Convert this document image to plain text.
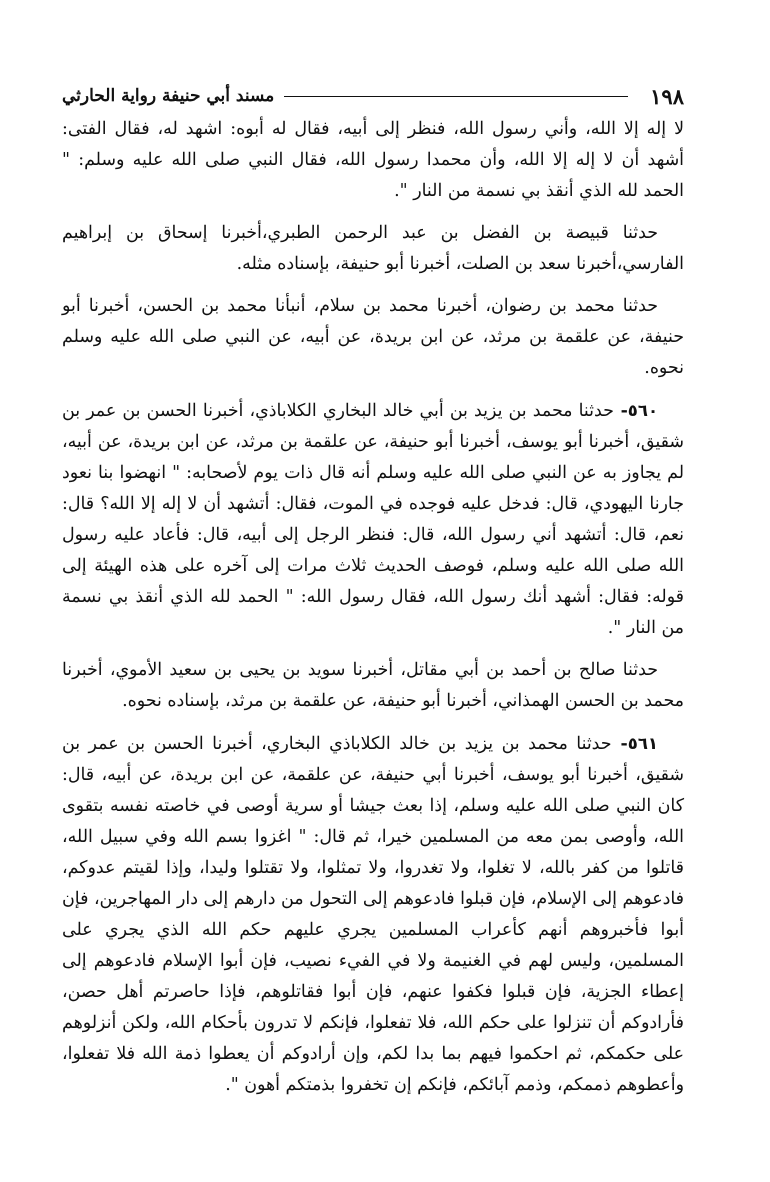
١٩٨
مسند أبي حنيفة رواية الحارثي

لا إله إلا الله، وأني رسول الله، فنظر إلى أبيه، فقال له أبوه: اشهد له، فقال الفتى: أشهد أن لا إله إلا الله، وأن محمدا رسول الله، فقال النبي صلى الله عليه وسلم: " الحمد لله الذي أنقذ بي نسمة من النار ".

حدثنا قبيصة بن الفضل بن عبد الرحمن الطبري،أخبرنا إسحاق بن إبراهيم الفارسي،أخبرنا سعد بن الصلت، أخبرنا أبو حنيفة، بإسناده مثله.

حدثنا محمد بن رضوان، أخبرنا محمد بن سلام، أنبأنا محمد بن الحسن، أخبرنا أبو حنيفة، عن علقمة بن مرثد، عن ابن بريدة، عن أبيه، عن النبي صلى الله عليه وسلم نحوه.

٥٦٠- حدثنا محمد بن يزيد بن أبي خالد البخاري الكلاباذي، أخبرنا الحسن بن عمر بن شقيق، أخبرنا أبو يوسف، أخبرنا أبو حنيفة، عن علقمة بن مرثد، عن ابن بريدة، عن أبيه، لم يجاوز به عن النبي صلى الله عليه وسلم أنه قال ذات يوم لأصحابه: " انهضوا بنا نعود جارنا اليهودي، قال: فدخل عليه فوجده في الموت، فقال: أتشهد أن لا إله إلا الله؟ قال: نعم، قال: أتشهد أني رسول الله، قال: فنظر الرجل إلى أبيه، قال: فأعاد عليه رسول الله صلى الله عليه وسلم، فوصف الحديث ثلاث مرات إلى آخره على هذه الهيئة إلى قوله: فقال: أشهد أنك رسول الله، فقال رسول الله: " الحمد لله الذي أنقذ بي نسمة من النار ".

حدثنا صالح بن أحمد بن أبي مقاتل، أخبرنا سويد بن يحيى بن سعيد الأموي، أخبرنا محمد بن الحسن الهمذاني، أخبرنا أبو حنيفة، عن علقمة بن مرثد، بإسناده نحوه.

٥٦١- حدثنا محمد بن يزيد بن خالد الكلاباذي البخاري، أخبرنا الحسن بن عمر بن شقيق، أخبرنا أبو يوسف، أخبرنا أبي حنيفة، عن علقمة، عن ابن بريدة، عن أبيه، قال: كان النبي صلى الله عليه وسلم، إذا بعث جيشا أو سرية أوصى في خاصته نفسه بتقوى الله، وأوصى بمن معه من المسلمين خيرا، ثم قال: " اغزوا بسم الله وفي سبيل الله، قاتلوا من كفر بالله، لا تغلوا، ولا تغدروا، ولا تمثلوا، ولا تقتلوا وليدا، وإذا لقيتم عدوكم، فادعوهم إلى الإسلام، فإن قبلوا فادعوهم إلى التحول من دارهم إلى دار المهاجرين، فإن أبوا فأخبروهم أنهم كأعراب المسلمين يجري عليهم حكم الله الذي يجري على المسلمين، وليس لهم في الغنيمة ولا في الفيء نصيب، فإن أبوا الإسلام فادعوهم إلى إعطاء الجزية، فإن قبلوا فكفوا عنهم، فإن أبوا فقاتلوهم، فإذا حاصرتم أهل حصن، فأرادوكم أن تنزلوا على حكم الله، فلا تفعلوا، فإنكم لا تدرون بأحكام الله، ولكن أنزلوهم على حكمكم، ثم احكموا فيهم بما بدا لكم، وإن أرادوكم أن يعطوا ذمة الله فلا تفعلوا، وأعطوهم ذممكم، وذمم آبائكم، فإنكم إن تخفروا بذمتكم أهون ".
